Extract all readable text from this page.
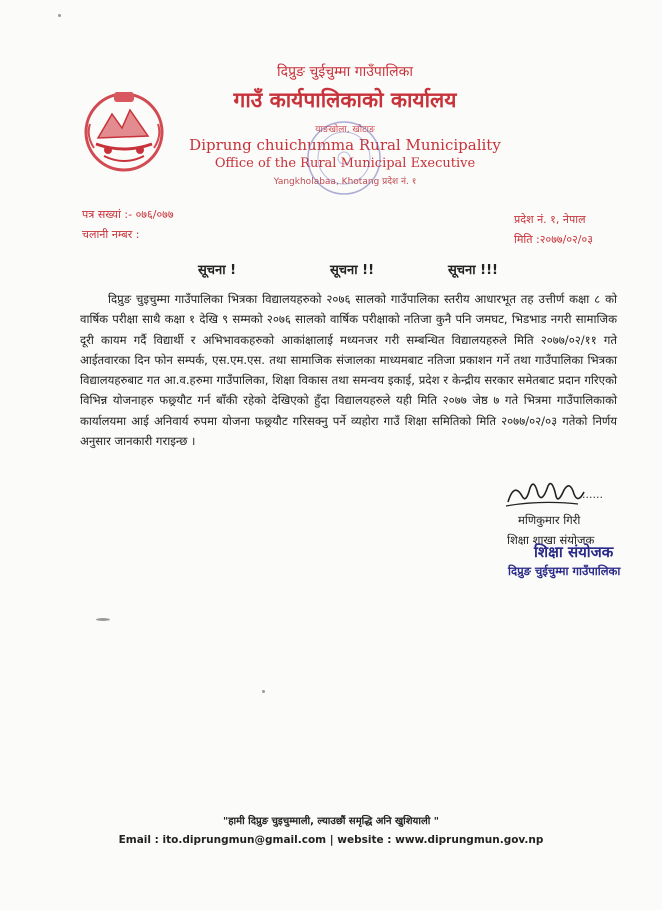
दिप्रुङ चुईचुम्मा गाउँपालिका
गाउँ कार्यपालिकाको कार्यालय
याङखोला, खोटाङ
Diprung chuichumma Rural Municipality
Office of the Rural Municipal Executive
Yangkholabaa, Khotang प्रदेश नं. १
पत्र सख्यां :- ०७६/०७७
चलानी नम्बर :
प्रदेश नं. १, नेपाल
मिति :२०७७/०२/०३
सूचना !	सूचना !!	सूचना !!!
दिप्रुङ चुइचुम्मा गाउँपालिका भित्रका विद्यालयहरुको २०७६ सालको गाउँपालिका स्तरीय आधारभूत तह उत्तीर्ण कक्षा ८ को वार्षिक परीक्षा साथै कक्षा १ देखि ९ सम्मको २०७६ सालको वार्षिक परीक्षाको नतिजा कुनै पनि जमघट, भिडभाड नगरी सामाजिक दूरी कायम गर्दै विद्यार्थी र अभिभावकहरुको आकांक्षालाई मध्यनजर गरी सम्बन्धित विद्यालयहरुले मिति २०७७/०२/११ गते आईतवारका दिन फोन सम्पर्क, एस.एम.एस. तथा सामाजिक संजालका माध्यमबाट नतिजा प्रकाशन गर्ने तथा गाउँपालिका भित्रका विद्यालयहरुबाट गत आ.व.हरुमा गाउँपालिका, शिक्षा विकास तथा समन्वय इकाई, प्रदेश र केन्द्रीय सरकार समेतबाट प्रदान गरिएको विभिन्न योजनाहरु फछ्र्यौट गर्न बाँकी रहेको देखिएको हुँदा विद्यालयहरुले यही मिति २०७७ जेष्ठ ७ गते भित्रमा गाउँपालिकाको कार्यालयमा आई अनिवार्य रुपमा योजना फछ्र्यौट गरिसक्नु पर्ने व्यहोरा गाउँ शिक्षा समितिको मिति २०७७/०२/०३ गतेको निर्णय अनुसार जानकारी गराइन्छ ।
......
मणिकुमार गिरी
शिक्षा शाखा संयोजक
शिक्षा संयोजक
दिप्रुङ चुईचुम्मा गाउँपालिका
"हामी दिप्रुङ चुइचुम्माली, ल्याउछौं समृद्धि अनि खुशियाली "
Email : ito.diprungmun@gmail.com | website : www.diprungmun.gov.np
